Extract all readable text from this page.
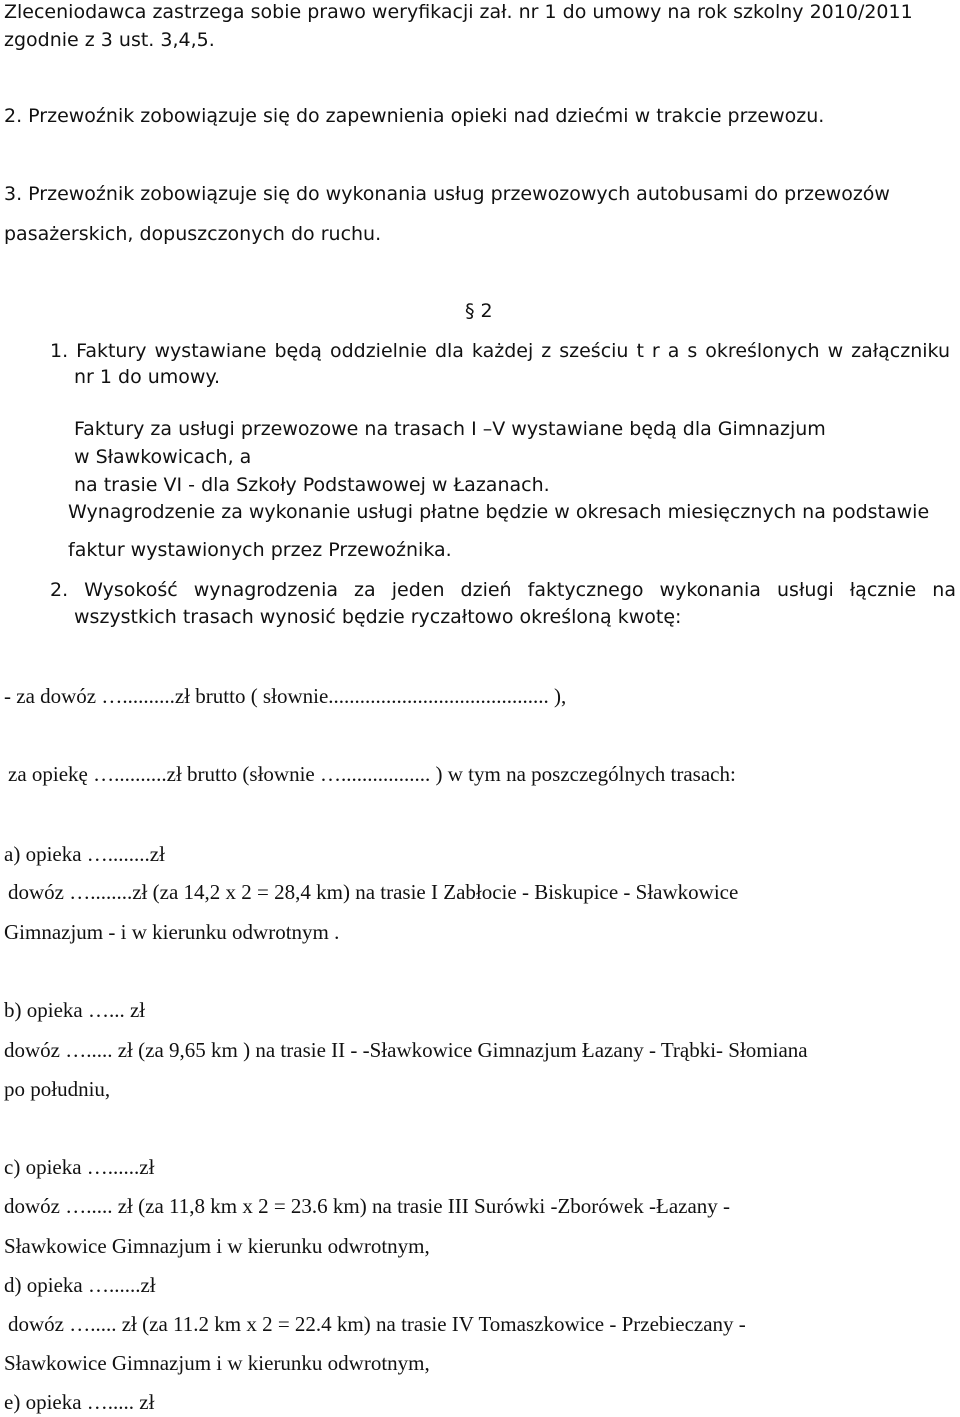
Zleceniodawca zastrzega sobie prawo weryfikacji zał. nr 1 do umowy na rok szkolny 2010/2011
zgodnie z 3 ust. 3,4,5.
2. Przewoźnik zobowiązuje się do zapewnienia opieki nad dziećmi w trakcie przewozu.
3. Przewoźnik zobowiązuje się do wykonania usług przewozowych autobusami do przewozów
pasażerskich, dopuszczonych do ruchu.
§ 2
1. Faktury wystawiane będą oddzielnie dla każdej z sześciu t r a s określonych w załączniku
nr 1 do umowy.
Faktury za usługi przewozowe na trasach I –V wystawiane będą dla Gimnazjum
w Sławkowicach, a
na trasie VI - dla Szkoły Podstawowej w Łazanach.
Wynagrodzenie za wykonanie usługi płatne będzie w okresach miesięcznych na podstawie
faktur wystawionych przez Przewoźnika.
2. Wysokość wynagrodzenia za jeden dzień faktycznego wykonania usługi łącznie na
wszystkich trasach wynosić będzie ryczałtowo określoną kwotę:
- za dowóz …..........zł brutto ( słownie.......................................... ),
za opiekę …..........zł brutto (słownie …................. ) w tym na poszczególnych trasach:
a) opieka …........zł
dowóz …........zł (za 14,2 x 2 = 28,4 km) na trasie I Zabłocie - Biskupice - Sławkowice
Gimnazjum - i w kierunku odwrotnym .
b) opieka …... zł
dowóz …..... zł (za 9,65 km ) na trasie II - -Sławkowice Gimnazjum Łazany - Trąbki- Słomiana
po południu,
c) opieka …......zł
dowóz …..... zł (za 11,8 km x 2 = 23.6 km) na trasie III Surówki -Zborówek -Łazany -
Sławkowice Gimnazjum i w kierunku odwrotnym,
d) opieka …......zł
dowóz …..... zł (za 11.2 km x 2 = 22.4 km) na trasie IV Tomaszkowice - Przebieczany -
Sławkowice Gimnazjum i w kierunku odwrotnym,
e) opieka …..... zł
